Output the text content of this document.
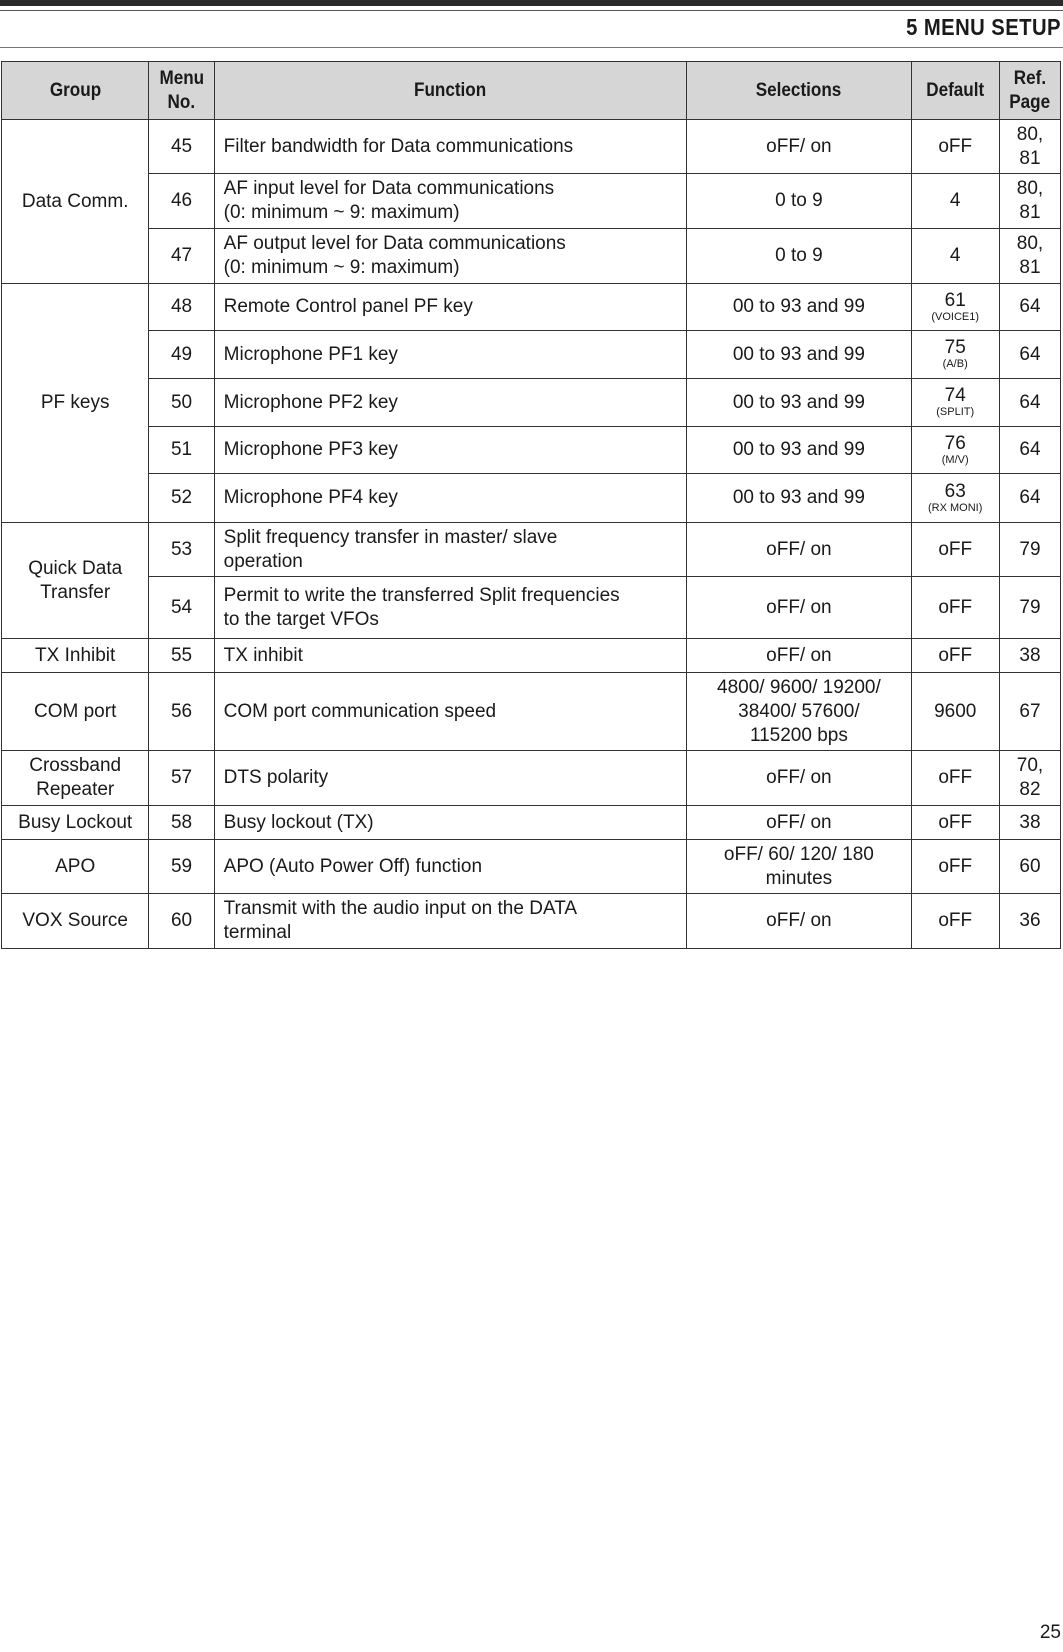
5 MENU SETUP
Group	Menu
No.	Function	Selections	Default	Ref.
Page
Data Comm.	45	Filter bandwidth for Data communications	oFF/ on	oFF	80,
81
	46	AF input level for Data communications
(0: minimum ~ 9: maximum)	0 to 9	4	80,
81
	47	AF output level for Data communications
(0: minimum ~ 9: maximum)	0 to 9	4	80,
81
PF keys	48	Remote Control panel PF key	00 to 93 and 99	61
(VOICE1)	64
	49	Microphone PF1 key	00 to 93 and 99	75
(A/B)	64
	50	Microphone PF2 key	00 to 93 and 99	74
(SPLIT)	64
	51	Microphone PF3 key	00 to 93 and 99	76
(M/V)	64
	52	Microphone PF4 key	00 to 93 and 99	63
(RX MONI)	64
Quick Data
Transfer	53	Split frequency transfer in master/ slave
operation	oFF/ on	oFF	79
	54	Permit to write the transferred Split frequencies
to the target VFOs	oFF/ on	oFF	79
TX Inhibit	55	TX inhibit	oFF/ on	oFF	38
COM port	56	COM port communication speed	4800/ 9600/ 19200/
38400/ 57600/
115200 bps	9600	67
Crossband
Repeater	57	DTS polarity	oFF/ on	oFF	70,
82
Busy Lockout	58	Busy lockout (TX)	oFF/ on	oFF	38
APO	59	APO (Auto Power Off) function	oFF/ 60/ 120/ 180
minutes	oFF	60
VOX Source	60	Transmit with the audio input on the DATA
terminal	oFF/ on	oFF	36
25
